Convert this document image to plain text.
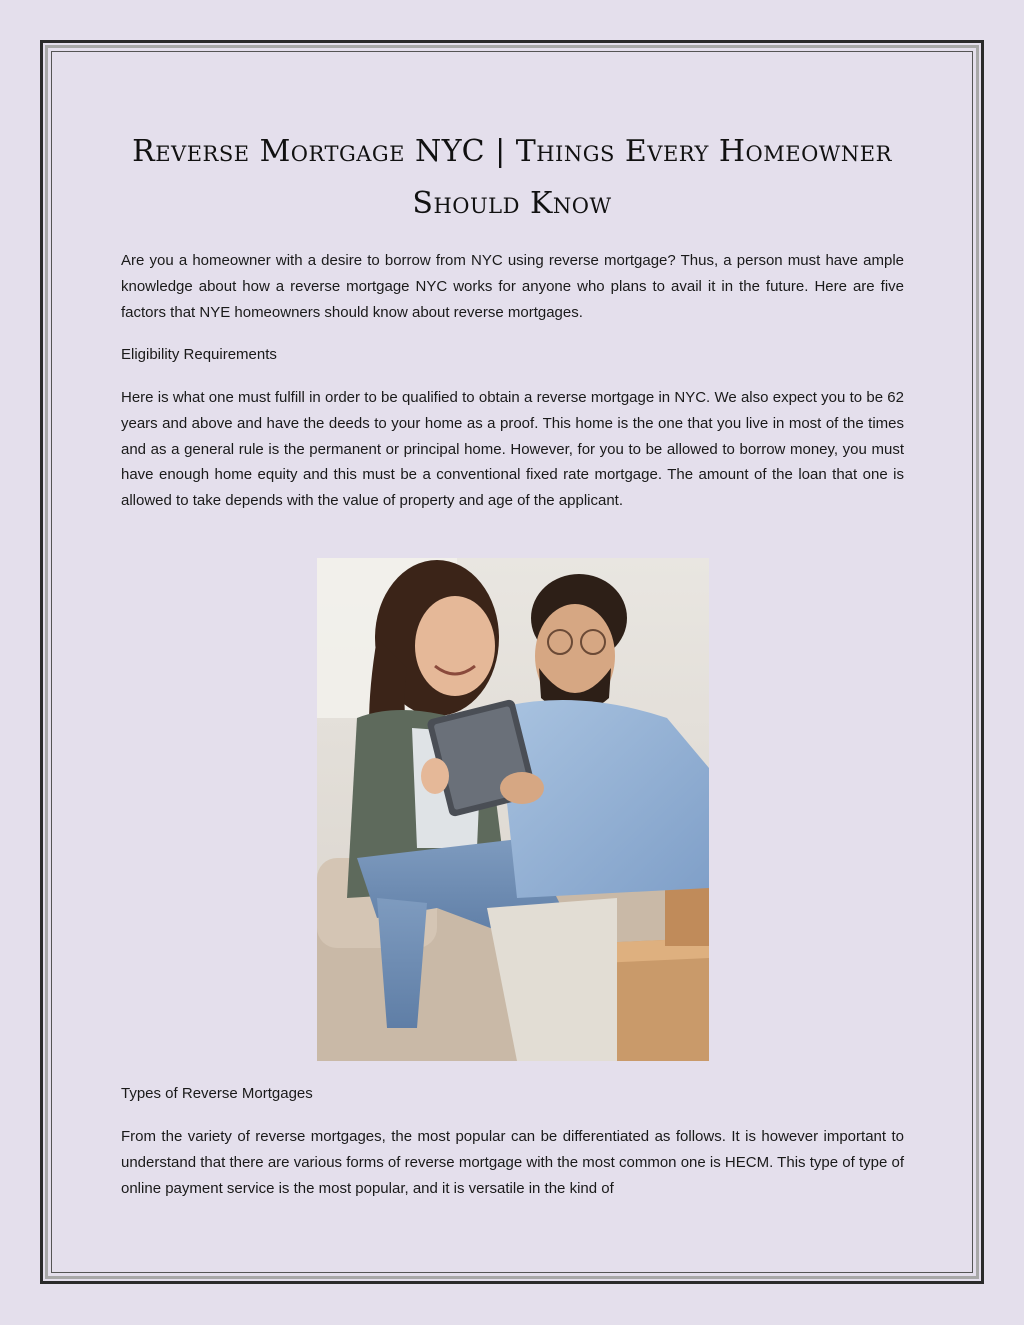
Reverse Mortgage NYC | Things Every Homeowner Should Know

Are you a homeowner with a desire to borrow from NYC using reverse mortgage? Thus, a person must have ample knowledge about how a reverse mortgage NYC works for anyone who plans to avail it in the future. Here are five factors that NYE homeowners should know about reverse mortgages.

Eligibility Requirements

Here is what one must fulfill in order to be qualified to obtain a reverse mortgage in NYC. We also expect you to be 62 years and above and have the deeds to your home as a proof. This home is the one that you live in most of the times and as a general rule is the permanent or principal home. However, for you to be allowed to borrow money, you must have enough home equity and this must be a conventional fixed rate mortgage. The amount of the loan that one is allowed to take depends with the value of property and age of the applicant.

Types of Reverse Mortgages

From the variety of reverse mortgages, the most popular can be differentiated as follows. It is however important to understand that there are various forms of reverse mortgage with the most common one is HECM. This type of type of online payment service is the most popular, and it is versatile in the kind of
